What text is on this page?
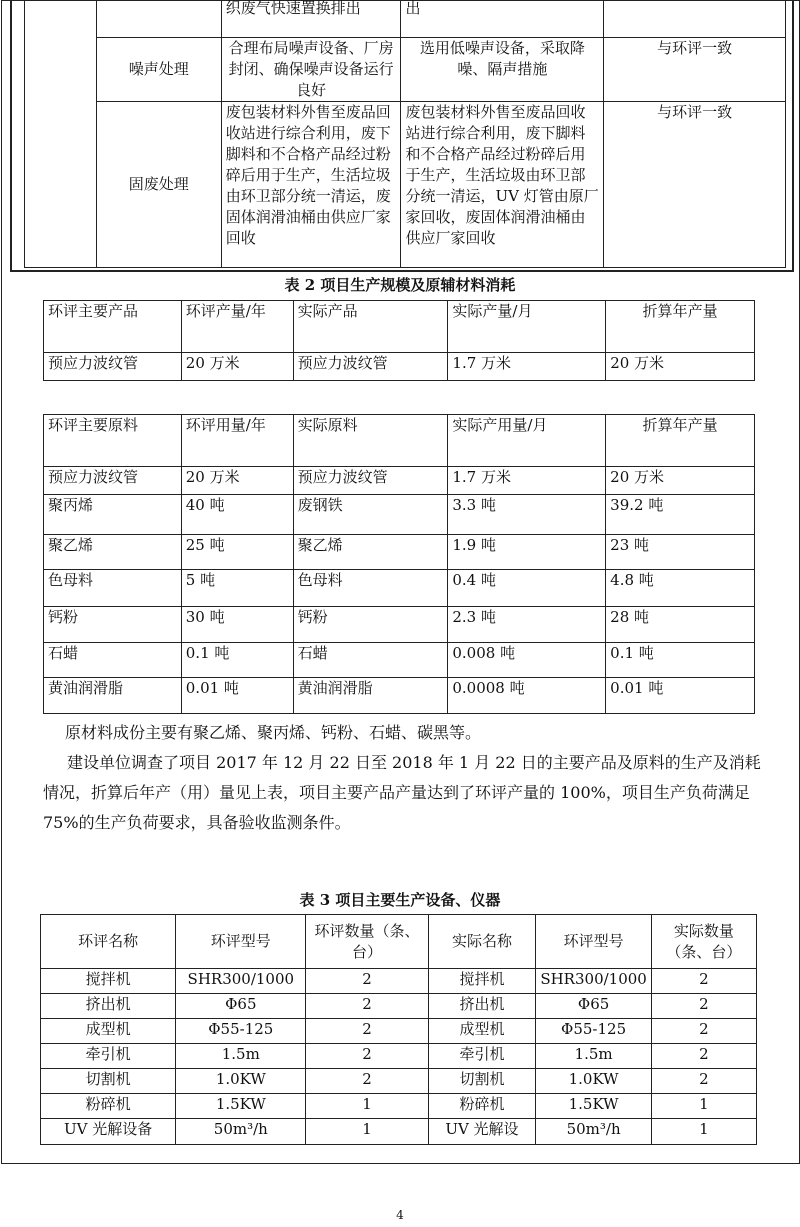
		织废气快速置换排出	出	
	噪声处理	合理布局噪声设备、厂房封闭、确保噪声设备运行良好	选用低噪声设备，采取降噪、隔声措施	与环评一致
	固废处理	废包装材料外售至废品回收站进行综合利用，废下脚料和不合格产品经过粉碎后用于生产，生活垃圾由环卫部分统一清运，废固体润滑油桶由供应厂家回收	废包装材料外售至废品回收站进行综合利用，废下脚料和不合格产品经过粉碎后用于生产，生活垃圾由环卫部分统一清运，UV 灯管由原厂家回收，废固体润滑油桶由供应厂家回收	与环评一致
表 2 项目生产规模及原辅材料消耗
环评主要产品	环评产量/年	实际产品	实际产量/月	折算年产量
预应力波纹管	20 万米	预应力波纹管	1.7 万米	20 万米
环评主要原料	环评用量/年	实际原料	实际产用量/月	折算年产量
预应力波纹管	20 万米	预应力波纹管	1.7 万米	20 万米
聚丙烯	40 吨	废钢铁	3.3 吨	39.2 吨
聚乙烯	25 吨	聚乙烯	1.9 吨	23 吨
色母料	5 吨	色母料	0.4 吨	4.8 吨
钙粉	30 吨	钙粉	2.3 吨	28 吨
石蜡	0.1 吨	石蜡	0.008 吨	0.1 吨
黄油润滑脂	0.01 吨	黄油润滑脂	0.0008 吨	0.01 吨
原材料成份主要有聚乙烯、聚丙烯、钙粉、石蜡、碳黑等。
建设单位调查了项目 2017 年 12 月 22 日至 2018 年 1 月 22 日的主要产品及原料的生产及消耗情况，折算后年产（用）量见上表，项目主要产品产量达到了环评产量的 100%，项目生产负荷满足 75%的生产负荷要求，具备验收监测条件。
表 3 项目主要生产设备、仪器
环评名称	环评型号	环评数量（条、台）	实际名称	环评型号	实际数量（条、台）
搅拌机	SHR300/1000	2	搅拌机	SHR300/1000	2
挤出机	Φ65	2	挤出机	Φ65	2
成型机	Φ55-125	2	成型机	Φ55-125	2
牵引机	1.5m	2	牵引机	1.5m	2
切割机	1.0KW	2	切割机	1.0KW	2
粉碎机	1.5KW	1	粉碎机	1.5KW	1
UV 光解设备	50m³/h	1	UV 光解设	50m³/h	1
4
